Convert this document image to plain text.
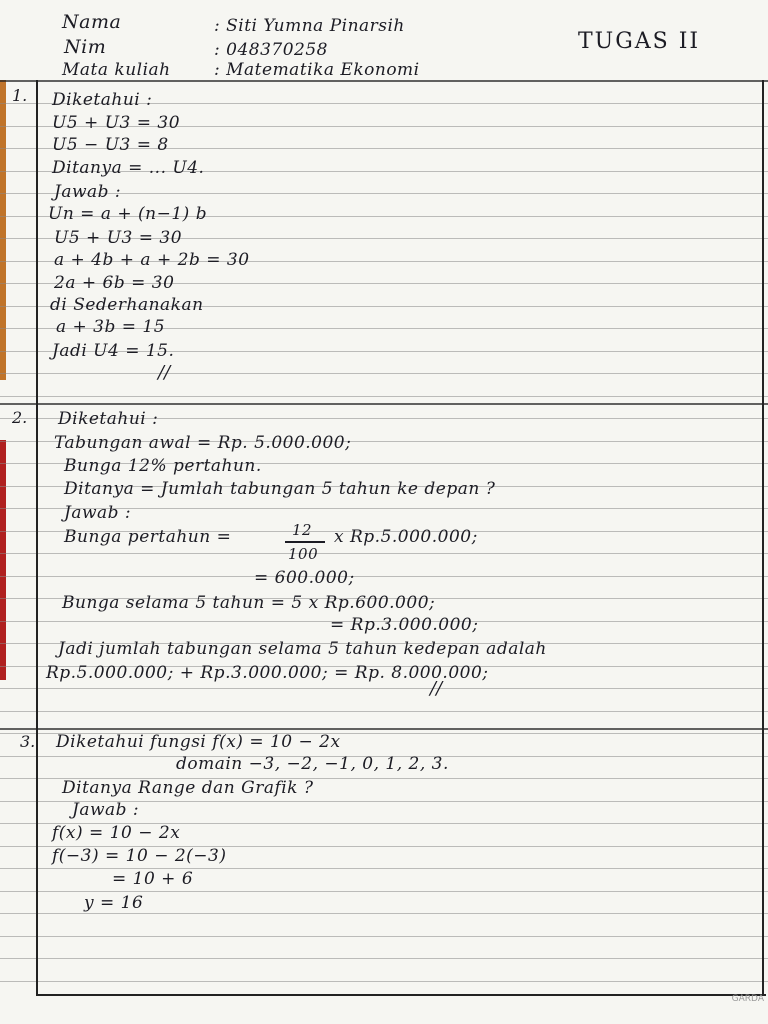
Nama	: Siti Yumna Pinarsih
Nim	: 048370258
Mata kuliah	: Matematika Ekonomi
TUGAS II
1. Diketahui :
U5 + U3 = 30
U5 − U3 = 8
Ditanya = ... U4.
Jawab :
Un = a + (n−1) b
U5 + U3 = 30
a + 4b + a + 2b = 30
2a + 6b = 30
di Sederhanakan
a + 3b = 15
Jadi U4 = 15.
//
2. Diketahui :
Tabungan awal = Rp. 5.000.000;
Bunga 12% pertahun.
Ditanya = Jumlah tabungan 5 tahun ke depan ?
Jawab :
Bunga pertahun =	12
100
x Rp.5.000.000;
= 600.000;
Bunga selama 5 tahun = 5 x Rp.600.000;
= Rp.3.000.000;
Jadi jumlah tabungan selama 5 tahun kedepan adalah
Rp.5.000.000; + Rp.3.000.000; = Rp. 8.000.000;
//
3. Diketahui fungsi f(x) = 10 − 2x
domain −3, −2, −1, 0, 1, 2, 3.
Ditanya Range dan Grafik ?
Jawab :
f(x) = 10 − 2x
f(−3) = 10 − 2(−3)
= 10 + 6
y = 16
GARDA
